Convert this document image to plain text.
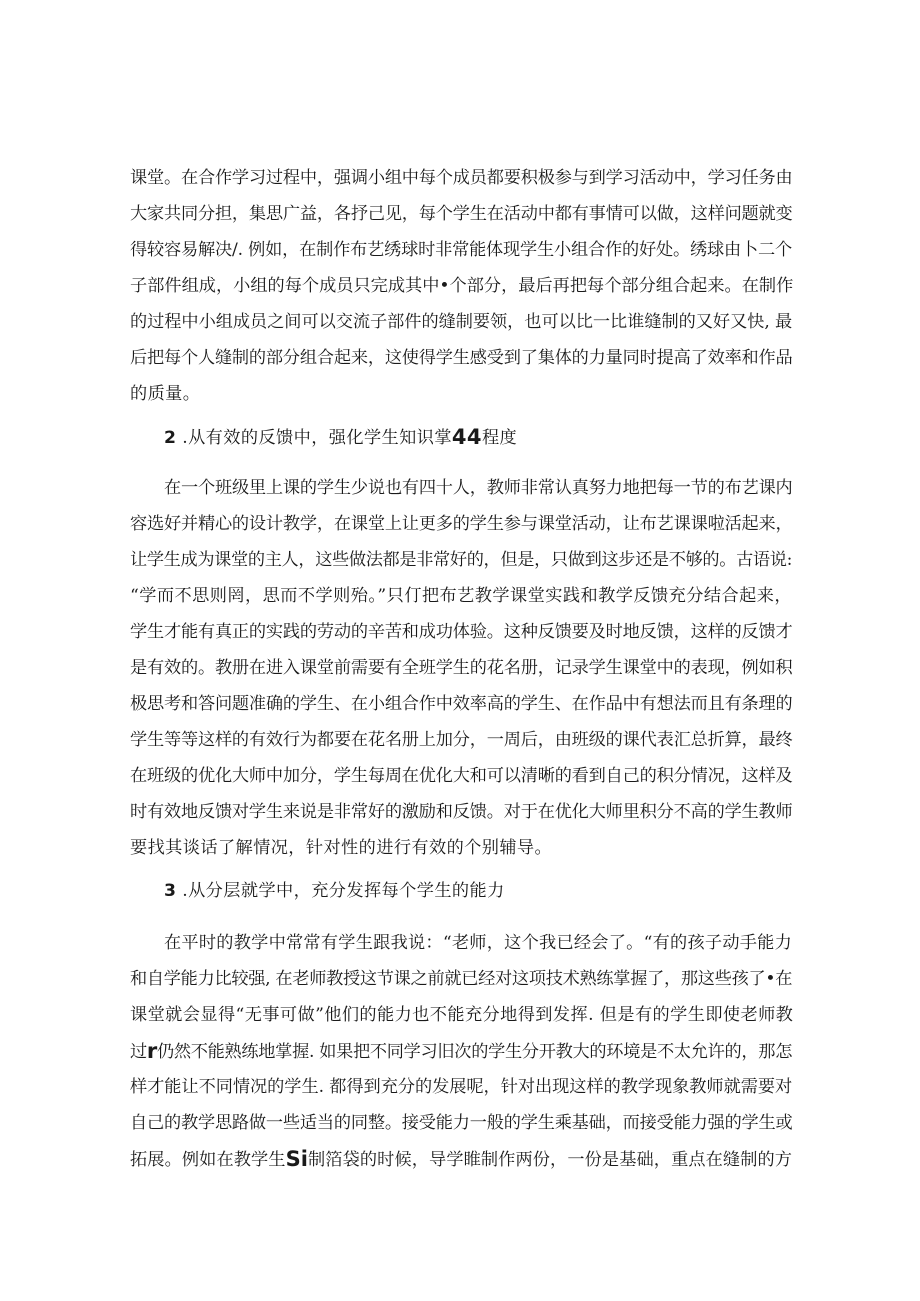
课堂。在合作学习过程中，强调小组中每个成员都要积极参与到学习活动中，学习任务由
大家共同分担，集思广益，各抒己见，每个学生在活动中都有事情可以做，这样问题就变
得较容易解决/. 例如，在制作布艺绣球时非常能体现学生小组合作的好处。绣球由卜二个
子部件组成，小组的每个成员只完成其中•个部分，最后再把每个部分组合起来。在制作
的过程中小组成员之间可以交流子部件的缝制要领，也可以比一比谁缝制的又好又快, 最
后把每个人缝制的部分组合起来，这使得学生感受到了集体的力量同时提高了效率和作品
的质量。
2 .从有效的反馈中，强化学生知识掌44程度
在一个班级里上课的学生少说也有四十人，教师非常认真努力地把每一节的布艺课内
容选好并精心的设计教学，在课堂上让更多的学生参与课堂活动，让布艺课课啦活起来，
让学生成为课堂的主人，这些做法都是非常好的，但是，只做到这步还是不够的。古语说:
“学而不思则罔，思而不学则殆。”只仃把布艺教学课堂实践和教学反馈充分结合起来，
学生才能有真正的实践的劳动的辛苦和成功体验。这种反馈要及时地反馈，这样的反馈才
是有效的。教册在进入课堂前需要有全班学生的花名册，记录学生课堂中的表现，例如积
极思考和答问题准确的学生、在小组合作中效率高的学生、在作品中有想法而且有条理的
学生等等这样的有效行为都要在花名册上加分，一周后，由班级的课代表汇总折算，最终
在班级的优化大师中加分，学生每周在优化大和可以清晰的看到自己的积分情况，这样及
时有效地反馈对学生来说是非常好的激励和反馈。对于在优化大师里积分不高的学生教师
要找其谈话了解情况，针对性的进行有效的个别辅导。
3 .从分层就学中，充分发挥每个学生的能力
在平时的教学中常常有学生跟我说：“老师，这个我已经会了。“有的孩子动手能力
和自学能力比较强, 在老师教授这节课之前就已经对这项技术熟练掌握了，那这些孩了•在
课堂就会显得“无事可做”他们的能力也不能充分地得到发挥. 但是有的学生即使老师教
过r仍然不能熟练地掌握. 如果把不同学习旧次的学生分开教大的环境是不太允许的，那怎
样才能让不同情况的学生. 都得到充分的发展呢，针对出现这样的教学现象教师就需要对
自己的教学思路做一些适当的同整。接受能力一般的学生乘基础，而接受能力强的学生或
拓展。例如在教学生Si制箔袋的时候，导学睢制作两份，一份是基础，重点在缝制的方
